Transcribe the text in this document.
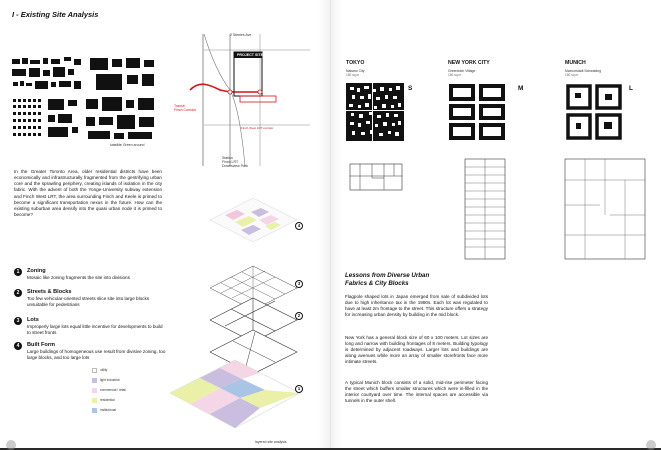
I - Existing Site Analysis
satellite Green around
2 Steeles Ave
PROJECT SITE
Finch West LRT corridor
Station
Finch LRT
Downsview Park
Transit
Finch Corridor
In the Greater Toronto Area, older residential districts have been economically and infrastructurally fragmented from the gentrifying urban core and the sprawling periphery, creating islands of isolation in the city fabric. With the advent of both the Yonge-University subway extension and Finch West LRT, the area surrounding Finch and Keele is primed to become a significant transportation nexus in the future. How can the existing suburban area densify into the quasi urban node it is primed to become?
4
3
2
1
1	Zoning
Mosaic like zoning fragments the site into divisions
2	Streets & Blocks
Too few vehicular-oriented streets slice site into large blocks unsuitable for pedestrians
3	Lots
Improperly large lots equal little incentive for developments to build to street fronts
4	Built Form
Large buildings of homogeneous use result from divisive zoning, too large blocks, and too large lots
utility
light industrial
commercial / retail
residential
institutional
layered site analysis
TOKYO
Nakano City
150 sq m
S
NEW YORK CITY
Greenwich Village
150 sq m
M
MUNICH
Maxvorstadt Schwabing
150 sq m
L
Lessons from Diverse Urban
Fabrics & City Blocks
Flagpole shaped lots in Japan emerged from sale of subdivided lots due to high inheritance tax in the 1980s. Each lot was regulated to have at least 2m frontage to the street. This structure offers a strategy for increasing urban density by building in the mid block.
New York has a general block size of 60 x 100 meters. Lot sizes are long and narrow with building frontages of 8 meters. Building typology is determined by adjacent roadways. Larger lots and buildings are along avenues while more an array of smaller storefronts face more intimate streets.
A typical Munich block consists of a solid, mid-rise perimeter facing the street which buffers smaller structures which were in-filled in the interior courtyard over time. The internal spaces are accessible via tunnels in the outer shell.
